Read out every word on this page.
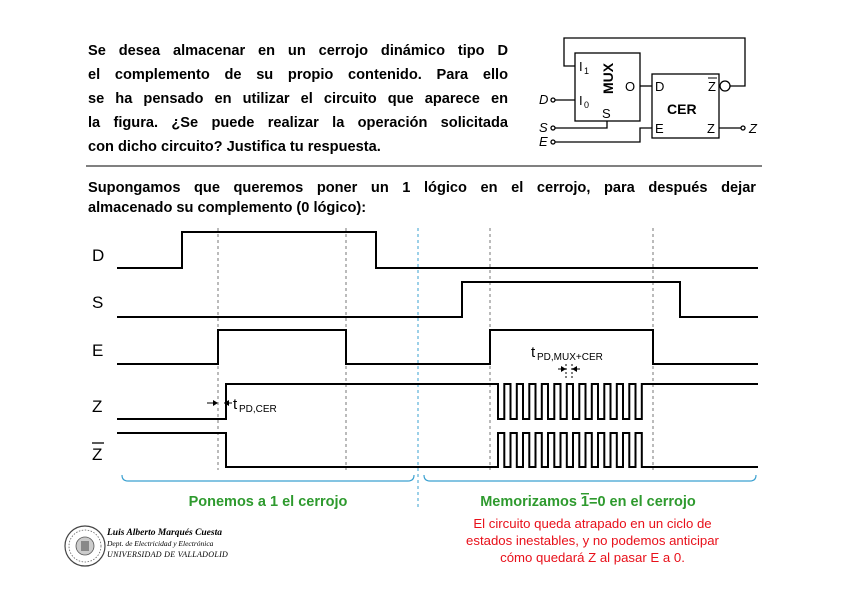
Se desea almacenar en un cerrojo dinámico tipo D
el complemento de su propio contenido. Para ello
se ha pensado en utilizar el circuito que aparece en
la figura. ¿Se puede realizar la operación solicitada
con dicho circuito? Justifica tu respuesta.
Supongamos que queremos poner un 1 lógico en el cerrojo, para después dejar
almacenado su complemento (0 lógico):
MUX
I 1
I 0
O
S	CER
D	Z
E	Z
D
S
E
Z
D
S
E
Z
Z
t PD,CER
t PD,MUX+CER
Ponemos a 1 el cerrojo	Memorizamos 1=0 en el cerrojo
Luis Alberto Marqués Cuesta
Dept. de Electricidad y Electrónica
UNIVERSIDAD DE VALLADOLID
El circuito queda atrapado en un ciclo de
estados inestables, y no podemos anticipar
cómo quedará Z al pasar E a 0.
